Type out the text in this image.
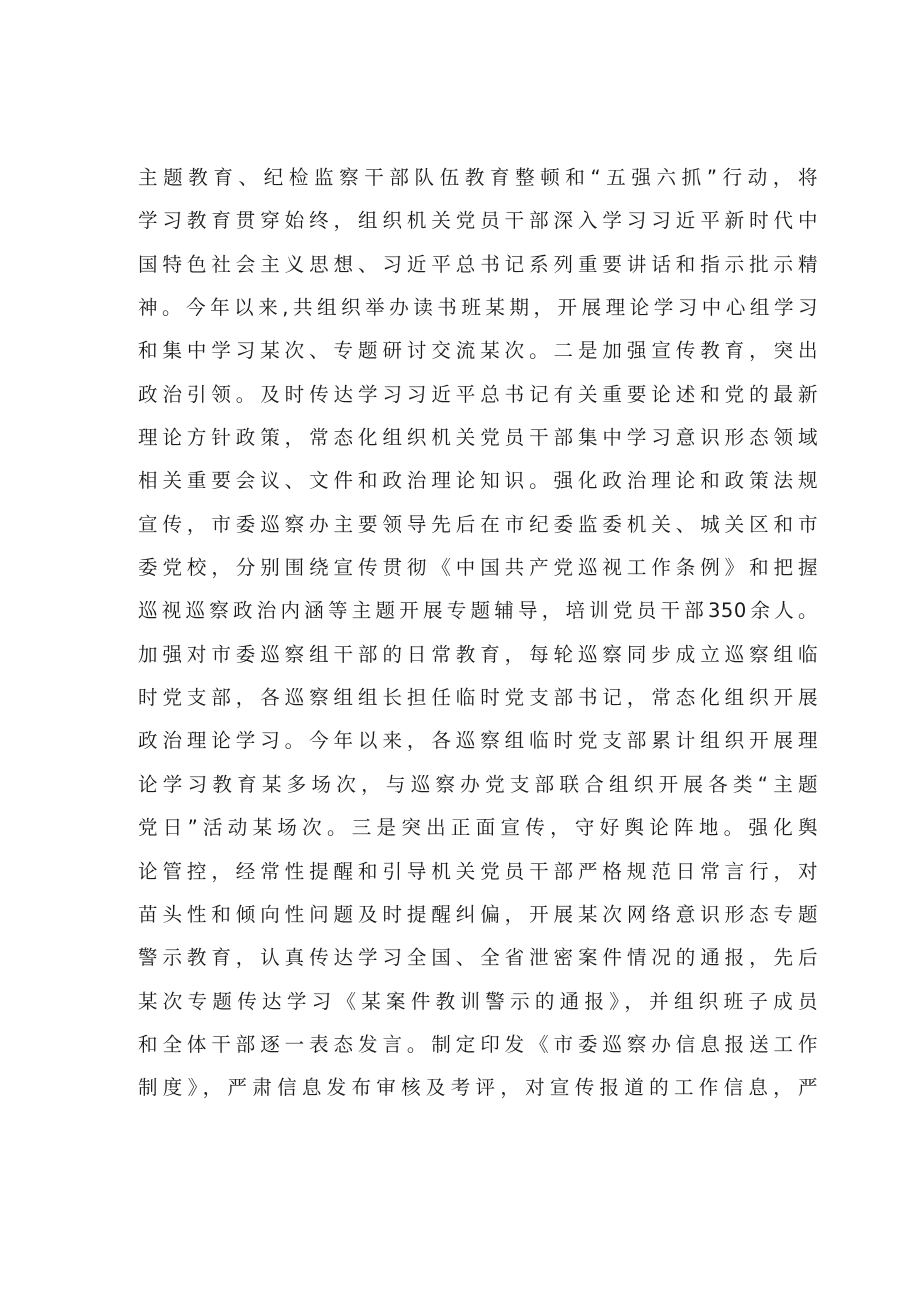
主题教育、纪检监察干部队伍教育整顿和“五强六抓”行动，将
学习教育贯穿始终，组织机关党员干部深入学习习近平新时代中
国特色社会主义思想、习近平总书记系列重要讲话和指示批示精
神。今年以来,共组织举办读书班某期，开展理论学习中心组学习
和集中学习某次、专题研讨交流某次。二是加强宣传教育，突出
政治引领。及时传达学习习近平总书记有关重要论述和党的最新
理论方针政策，常态化组织机关党员干部集中学习意识形态领域
相关重要会议、文件和政治理论知识。强化政治理论和政策法规
宣传，市委巡察办主要领导先后在市纪委监委机关、城关区和市
委党校，分别围绕宣传贯彻《中国共产党巡视工作条例》和把握
巡视巡察政治内涵等主题开展专题辅导，培训党员干部350余人。
加强对市委巡察组干部的日常教育，每轮巡察同步成立巡察组临
时党支部，各巡察组组长担任临时党支部书记，常态化组织开展
政治理论学习。今年以来，各巡察组临时党支部累计组织开展理
论学习教育某多场次，与巡察办党支部联合组织开展各类“主题
党日”活动某场次。三是突出正面宣传，守好舆论阵地。强化舆
论管控，经常性提醒和引导机关党员干部严格规范日常言行，对
苗头性和倾向性问题及时提醒纠偏，开展某次网络意识形态专题
警示教育，认真传达学习全国、全省泄密案件情况的通报，先后
某次专题传达学习《某案件教训警示的通报》，并组织班子成员
和全体干部逐一表态发言。制定印发《市委巡察办信息报送工作
制度》，严肃信息发布审核及考评，对宣传报道的工作信息，严
